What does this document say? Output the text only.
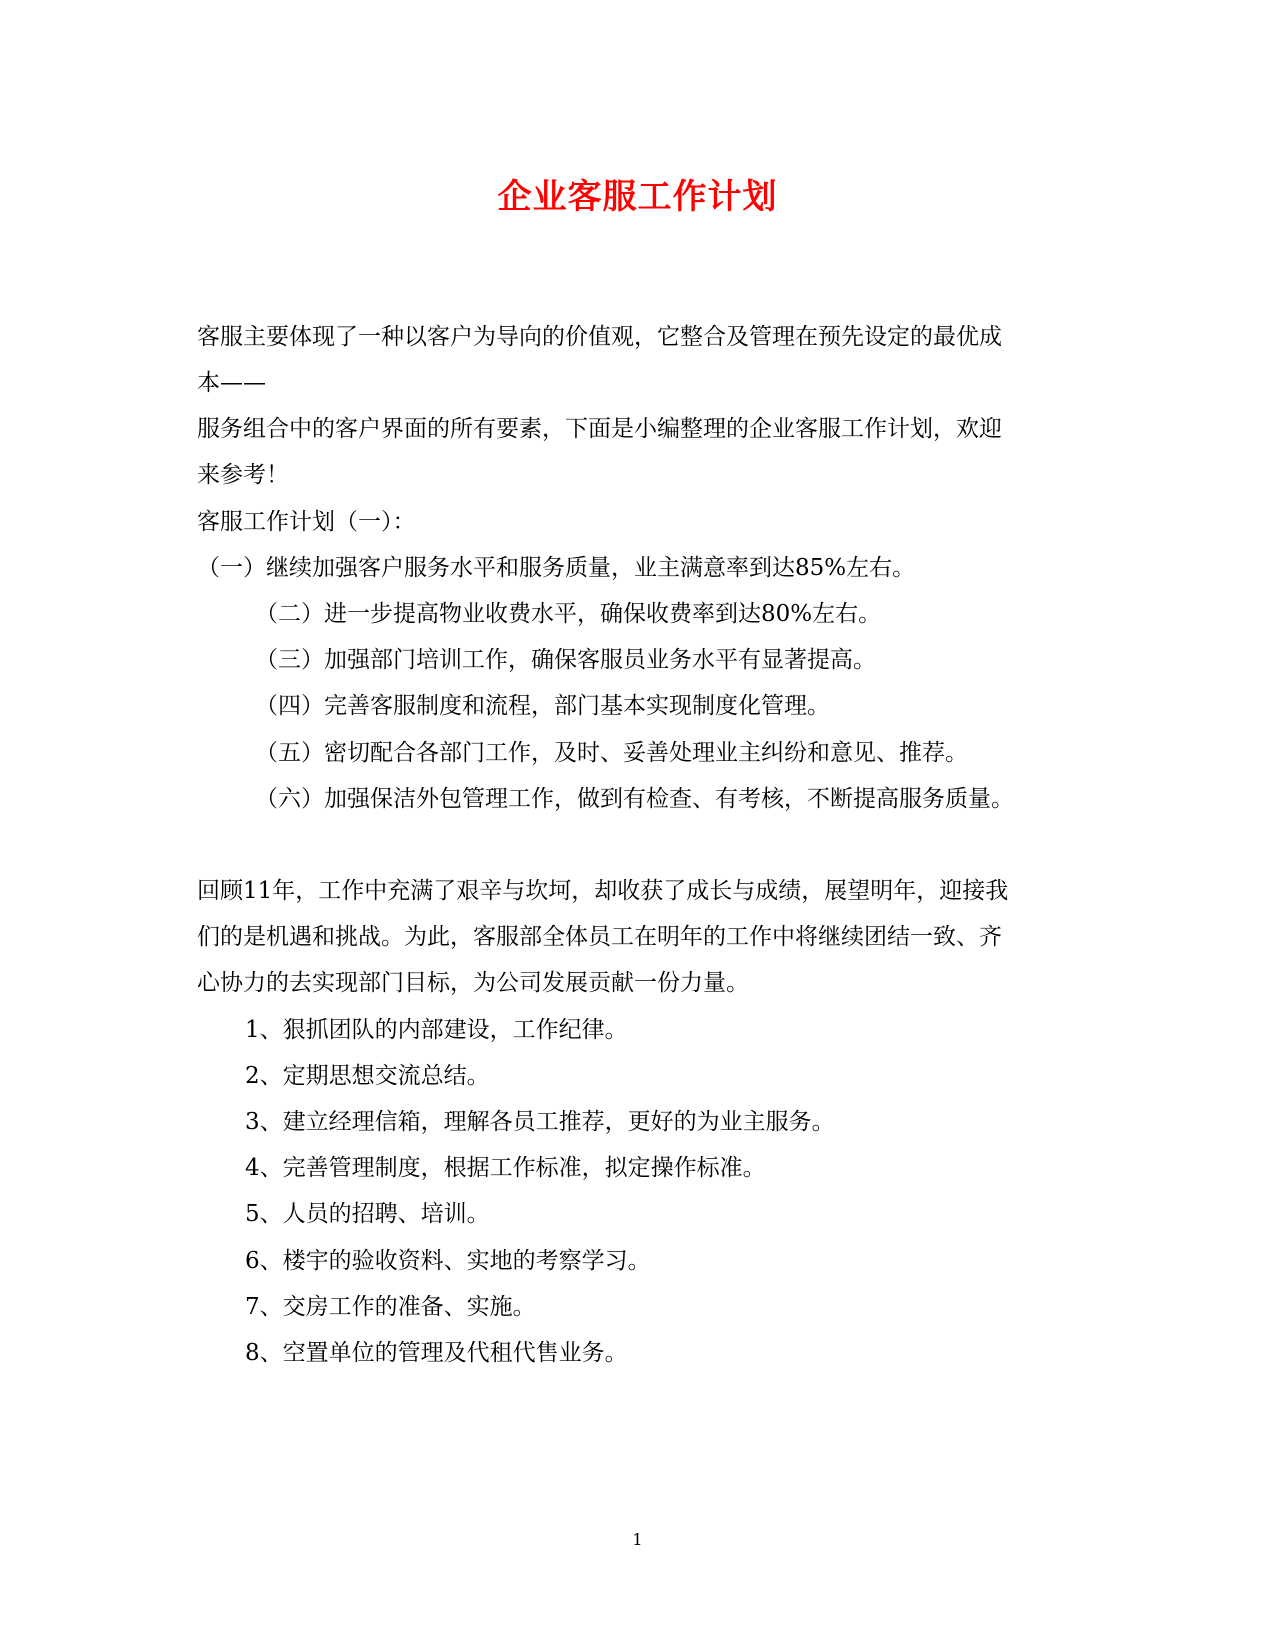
企业客服工作计划
客服主要体现了一种以客户为导向的价值观，它整合及管理在预先设定的最优成
本——
服务组合中的客户界面的所有要素，下面是小编整理的企业客服工作计划，欢迎
来参考！
客服工作计划（一）：
（一）继续加强客户服务水平和服务质量，业主满意率到达85%左右。
（二）进一步提高物业收费水平，确保收费率到达80%左右。
（三）加强部门培训工作，确保客服员业务水平有显著提高。
（四）完善客服制度和流程，部门基本实现制度化管理。
（五）密切配合各部门工作，及时、妥善处理业主纠纷和意见、推荐。
（六）加强保洁外包管理工作，做到有检查、有考核，不断提高服务质量。
回顾11年，工作中充满了艰辛与坎坷，却收获了成长与成绩，展望明年，迎接我
们的是机遇和挑战。为此，客服部全体员工在明年的工作中将继续团结一致、齐
心协力的去实现部门目标，为公司发展贡献一份力量。
1、狠抓团队的内部建设，工作纪律。
2、定期思想交流总结。
3、建立经理信箱，理解各员工推荐，更好的为业主服务。
4、完善管理制度，根据工作标准，拟定操作标准。
5、人员的招聘、培训。
6、楼宇的验收资料、实地的考察学习。
7、交房工作的准备、实施。
8、空置单位的管理及代租代售业务。
1
